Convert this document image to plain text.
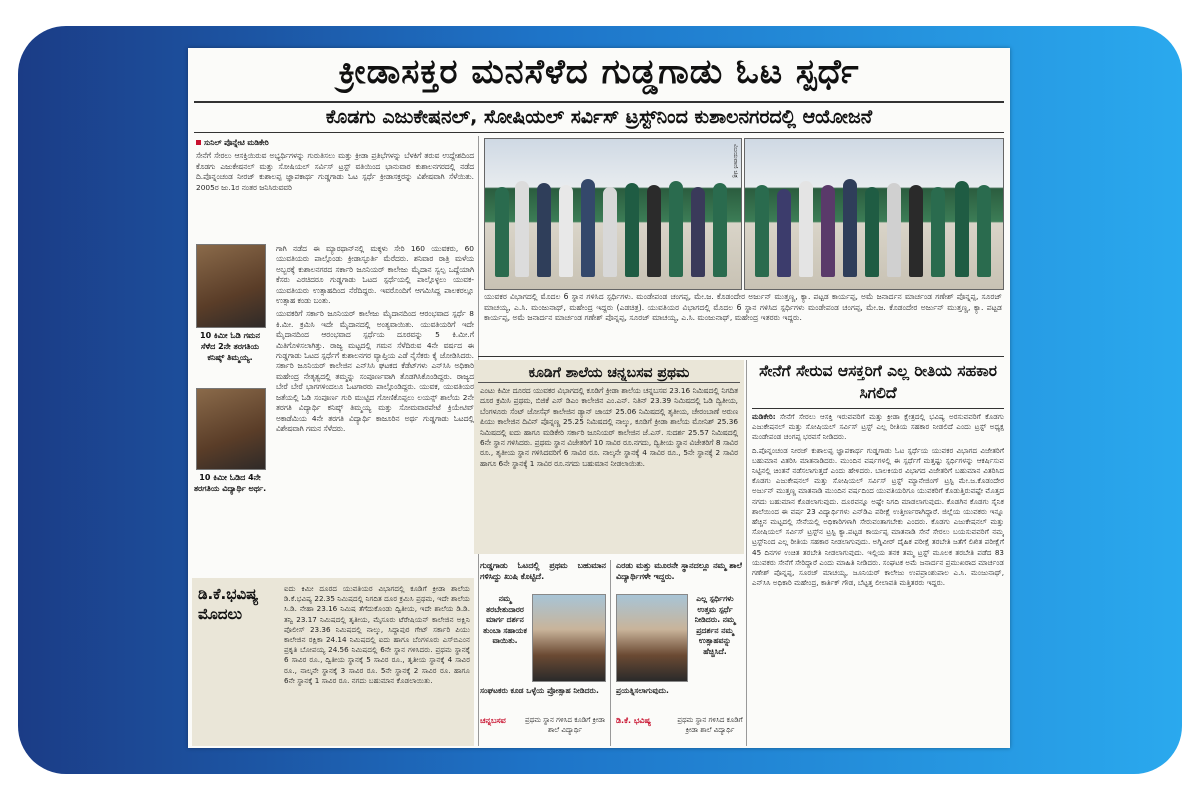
ಕ್ರೀಡಾಸಕ್ತರ ಮನಸೆಳೆದ ಗುಡ್ಡಗಾಡು ಓಟ ಸ್ಪರ್ಧೆ
ಕೊಡಗು ಎಜುಕೇಷನಲ್, ಸೋಷಿಯಲ್ ಸರ್ವಿಸ್ ಟ್ರಸ್ಟ್‌ನಿಂದ ಕುಶಾಲನಗರದಲ್ಲಿ ಆಯೋಜನೆ

ಸುನಿಲ್ ಪೊನ್ನೇಟಿ ಮಡಿಕೇರಿ

ಸೇನೆಗೆ ಸೇರಲು ಆಸಕ್ತಿಯಿರುವ ಅಭ್ಯರ್ಥಿಗಳನ್ನು ಗುರುತಿಸಲು ಮತ್ತು ಕ್ರೀಡಾ ಪ್ರತಿಭೆಗಳನ್ನು ಬೆಳಕಿಗೆ ತರುವ ಉದ್ದೇಶದಿಂದ ಕೊಡಗು ಎಜುಕೇಷನಲ್ ಮತ್ತು ಸೋಷಿಯಲ್ ಸರ್ವಿಸ್ ಟ್ರಸ್ಟ್ ವತಿಯಿಂದ ಭಾನುವಾರ ಕುಶಾಲನಗರದಲ್ಲಿ ನಡೆದ ದಿ.ಪೊನ್ನಂಚಂಡ ನೀರಜ್ ಕುಶಾಲಪ್ಪ ಜ್ಞಾಪಕಾರ್ಥ ಗುಡ್ಡಗಾಡು ಓಟ ಸ್ಪರ್ಧೆ ಕ್ರೀಡಾಸಕ್ತರನ್ನು ವಿಶೇಷವಾಗಿ ಸೆಳೆಯಿತು. 2005ರ ಜು.1ರ ನಂತರ ಜನಿಸಿರುವವರಿ

10 ಕಿಮೀ ಓಡಿ ಗಮನ ಸೆಳೆದ 2ನೇ ತರಗತಿಯ ಕನಿಷ್ಕ್ ತಿಮ್ಮಯ್ಯ.
10 ಕಿಮೀ ಓಡಿದ 4ನೇ ತರಗತಿಯ ವಿದ್ಯಾರ್ಥಿ ಅರ್ಥ.

ಗಾಗಿ ನಡೆದ ಈ ಮ್ಯಾರಥಾನ್‌ನಲ್ಲಿ ಮಕ್ಕಳು ಸೇರಿ 160 ಯುವಕರು, 60 ಯುವತಿಯರು ಪಾಲ್ಗೊಂಡು ಕ್ರೀಡಾಸ್ಫೂರ್ತಿ ಮೆರೆದರು. ಶನಿವಾರ ರಾತ್ರಿ ಮಳೆಯ ಅಬ್ಬರಕ್ಕೆ ಕುಶಾಲನಗರದ ಸರ್ಕಾರಿ ಜೂನಿಯರ್ ಕಾಲೇಜು ಮೈದಾನ ಸ್ವಲ್ಪ ಒದ್ದೆಯಾಗಿ ಕೆಸರು ಎರಚಿದರೂ ಗುಡ್ಡಗಾಡು ಓಟದ ಸ್ಪರ್ಧೆಯಲ್ಲಿ ಪಾಲ್ಗೊಳ್ಳಲು ಯುವಕ-ಯುವತಿಯರು ಉತ್ಸಾಹದಿಂದ ನೆರೆದಿದ್ದರು. ಇವರೊಂದಿಗೆ ಆಗಮಿಸಿದ್ದ ಪಾಲಕರಲ್ಲೂ ಉತ್ಸಾಹ ಕಂಡು ಬಂತು.

ಯುವಕರಿಗೆ ಸರ್ಕಾರಿ ಜೂನಿಯರ್ ಕಾಲೇಜು ಮೈದಾನದಿಂದ ಆರಂಭವಾದ ಸ್ಪರ್ಧೆ 8 ಕಿ.ಮೀ. ಕ್ರಮಿಸಿ ಇದೇ ಮೈದಾನದಲ್ಲಿ ಅಂತ್ಯವಾಯಿತು. ಯುವತಿಯರಿಗೆ ಇದೇ ಮೈದಾನದಿಂದ ಆರಂಭವಾದ ಸ್ಪರ್ಧೆಯ ದೂರವನ್ನು 5 ಕಿ.ಮೀ.ಗೆ ಮಿತಿಗೊಳಿಸಲಾಗಿತ್ತು. ರಾಜ್ಯ ಮಟ್ಟದಲ್ಲಿ ಗಮನ ಸೆಳೆದಿರುವ 4ನೇ ವರ್ಷದ ಈ ಗುಡ್ಡಗಾಡು ಓಟದ ಸ್ಪರ್ಧೆಗೆ ಕುಶಾಲನಗರ ವ್ಯಾಪ್ತಿಯ ಎಡೆ ನೈಸೆಕರು ಕೈ ಜೋಡಿಸಿದರು. ಸರ್ಕಾರಿ ಜೂನಿಯರ್ ಕಾಲೇಜಿನ ಎನ್‌ಸಿಸಿ ಘಟಕದ ಕೆಡೆಟ್‌ಗಳು ಎನ್‌ಸಿಸಿ ಅಧಿಕಾರಿ ಮಹೇಂದ್ರ ನೇತೃತ್ವದಲ್ಲಿ ತಮ್ಮನ್ನು ಸಂಪೂರ್ಣವಾಗಿ ತೊಡಗಿಸಿಕೊಂಡಿದ್ದರು. ರಾಜ್ಯದ ಬೇರೆ ಬೇರೆ ಭಾಗಗಳಿಂದಲೂ ಓಟಗಾರರು ಪಾಲ್ಗೊಂಡಿದ್ದರು. ಯುವಕ, ಯುವತಿಯರ ಜತೆಯಲ್ಲಿ ಓಡಿ ಸಂಪೂರ್ಣ ಗುರಿ ಮುಟ್ಟಿದ ಗೋಣಿಕೊಪ್ಪಲು ಲಯನ್ಸ್ ಶಾಲೆಯ 2ನೇ ತರಗತಿ ವಿದ್ಯಾರ್ಥಿ ಕನಿಷ್ಕ್ ತಿಮ್ಮಯ್ಯ ಮತ್ತು ಸೋಮವಾರಪೇಟೆ ಕ್ರಿಯೇಟಿವ್ ಅಕಾಡೆಮಿಯ 4ನೇ ತರಗತಿ ವಿದ್ಯಾರ್ಥಿ ಕಾಜೂರಿನ ಅರ್ಥ ಗುಡ್ಡಗಾಡು ಓಟದಲ್ಲಿ ವಿಶೇಷವಾಗಿ ಗಮನ ಸೆಳೆದರು.

ಡಿ.ಕೆ.ಭವಿಷ್ಯ ಮೊದಲು
ಐದು ಕಿಮೀ ದೂರದ ಯುವತಿಯರ ವಿಭಾಗದಲ್ಲಿ ಕೂಡಿಗೆ ಕ್ರೀಡಾ ಶಾಲೆಯ ಡಿ.ಕೆ.ಭವಿಷ್ಯ 22.35 ನಿಮಿಷದಲ್ಲಿ ನಿಗದಿತ ದೂರ ಕ್ರಮಿಸಿ ಪ್ರಥಮ, ಇದೇ ಶಾಲೆಯ ಸಿ.ಡಿ. ನೇಹಾ 23.16 ನಿಮಿಷ ತೆಗೆದುಕೊಂಡು ದ್ವಿತೀಯ, ಇದೇ ಶಾಲೆಯ ಡಿ.ಡಿ. ತನ್ವಿ 23.17 ನಿಮಿಷದಲ್ಲಿ ತೃತೀಯ, ಮೈಸೂರು ಟೆರೇಷಿಯನ್ ಕಾಲೇಜಿನ ಅಕ್ಷಿನಿ ಪೊಲೀಸ್ 23.36 ನಿಮಿಷದಲ್ಲಿ ನಾಲ್ಕು, ಸಿದ್ದಾಪುರ ಗೇಟ್ ಸರ್ಕಾರಿ ಪಿಯು ಕಾಲೇಜಿನ ರಕ್ಷಿಕಾ 24.14 ನಿಮಿಷದಲ್ಲಿ ಐದು ಹಾಗೂ ಬೆಂಗಳೂರು ಎಸ್‌ಬಿಎಂನ ಪ್ರಕೃತಿ ಬೋಪಯ್ಯ 24.56 ನಿಮಿಷದಲ್ಲಿ 6ನೇ ಸ್ಥಾನ ಗಳಿಸಿದರು. ಪ್ರಥಮ ಸ್ಥಾನಕ್ಕೆ 6 ಸಾವಿರ ರೂ., ದ್ವಿತೀಯ ಸ್ಥಾನಕ್ಕೆ 5 ಸಾವಿರ ರೂ., ತೃತೀಯ ಸ್ಥಾನಕ್ಕೆ 4 ಸಾವಿರ ರೂ., ನಾಲ್ಕನೇ ಸ್ಥಾನಕ್ಕೆ 3 ಸಾವಿರ ರೂ. 5ನೇ ಸ್ಥಾನಕ್ಕೆ 2 ಸಾವಿರ ರೂ. ಹಾಗೂ 6ನೇ ಸ್ಥಾನಕ್ಕೆ 1 ಸಾವಿರ ರೂ. ನಗದು ಬಹುಮಾನ ಕೊಡಲಾಯಿತು.
ವಿಜಯವಾಣಿ ಚಿತ್ರ
ಯುವಕರ ವಿಭಾಗದಲ್ಲಿ ಮೊದಲ 6 ಸ್ಥಾನ ಗಳಿಸಿದ ಸ್ಪರ್ಧಿಗಳು. ಮಂಡೇಪಂಡ ಚಂಗಪ್ಪ, ಮೇ.ಜ. ಕೊಡಂದೇರ ಅರ್ಜುನ್ ಮುತ್ತಣ್ಣ, ಕ್ಯಾ. ಪಟ್ಟಡ ಕಾರ್ಯಪ್ಪ, ಅಮೆ ಜನಾರ್ದನ ಮಾರ್ಚಂಡ ಗಣೇಶ್ ಪೊನ್ನಪ್ಪ, ಸೂರಜ್ ಮಾಚಯ್ಯ, ಎ.ಸಿ. ಮಂಜುನಾಥ್, ಮಹೇಂದ್ರ ಇದ್ದರು (ಎಡಚಿತ್ರ). ಯುವತಿಯರ ವಿಭಾಗದಲ್ಲಿ ಮೊದಲ 6 ಸ್ಥಾನ ಗಳಿಸಿದ ಸ್ಪರ್ಧಿಗಳು ಮಂಡೇಪಂಡ ಚಂಗಪ್ಪ, ಮೇ.ಜ. ಕೊಡಂದೇರ ಅರ್ಜುನ್ ಮುತ್ತಣ್ಣ, ಕ್ಯಾ. ಪಟ್ಟಡ ಕಾರ್ಯಪ್ಪ, ಅಮೆ ಜನಾರ್ದನ ಮಾರ್ಚಂಡ ಗಣೇಶ್ ಪೊನ್ನಪ್ಪ, ಸೂರಜ್ ಮಾಚಯ್ಯ, ಎ.ಸಿ. ಮಂಜುನಾಥ್, ಮಹೇಂದ್ರ ಇತರರು ಇದ್ದರು.
ಕೂಡಿಗೆ ಶಾಲೆಯ ಚನ್ನಬಸವ ಪ್ರಥಮ
ಎಂಟು ಕಿಮೀ ದೂರದ ಯುವಕರ ವಿಭಾಗದಲ್ಲಿ ಕೂಡಿಗೆ ಕ್ರೀಡಾ ಶಾಲೆಯ ಚನ್ನಬಸವ 23.16 ನಿಮಿಷದಲ್ಲಿ ನಿಗದಿತ ದೂರ ಕ್ರಮಿಸಿ ಪ್ರಥಮ, ಬಿಜಿಕೆ ಎಸ್ ಡಿಎಂ ಕಾಲೇಜಿನ ಎಂ.ಎನ್. ನಿತಿನ್ 23.39 ನಿಮಿಷದಲ್ಲಿ ಓಡಿ ದ್ವಿತೀಯ, ಬೆಂಗಳೂರು ಸೆಂಟ್ ಜೋಸೆಫ್ ಕಾಲೇಜಿನ ಡ್ಯಾನ್ ಜಾಯ್ 25.06 ನಿಮಿಷದಲ್ಲಿ ತೃತೀಯ, ಚೇರಂಬಾಣೆ ಅರುಣ ಪಿಯು ಕಾಲೇಜಿನ ದಿವಿನ್ ಪೊನ್ನಣ್ಣ 25.25 ನಿಮಿಷದಲ್ಲಿ ನಾಲ್ಕು, ಕೂಡಿಗೆ ಕ್ರೀಡಾ ಶಾಲೆಯ ಮೋನಿಶ್ 25.36 ನಿಮಿಷದಲ್ಲಿ ಐದು ಹಾಗೂ ಮಡಿಕೇರಿ ಸರ್ಕಾರಿ ಜೂನಿಯರ್ ಕಾಲೇಜಿನ ಜೆ.ಎಸ್. ಸುದರ್ಶ 25.57 ನಿಮಿಷದಲ್ಲಿ 6ನೇ ಸ್ಥಾನ ಗಳಿಸಿದರು. ಪ್ರಥಮ ಸ್ಥಾನ ವಿಜೇತರಿಗೆ 10 ಸಾವಿರ ರೂ.ನಗದು, ದ್ವಿತೀಯ ಸ್ಥಾನ ವಿಜೇತರಿಗೆ 8 ಸಾವಿರ ರೂ., ತೃತೀಯ ಸ್ಥಾನ ಗಳಿಸಿದವರಿಗೆ 6 ಸಾವಿರ ರೂ. ನಾಲ್ಕನೇ ಸ್ಥಾನಕ್ಕೆ 4 ಸಾವಿರ ರೂ., 5ನೇ ಸ್ಥಾನಕ್ಕೆ 2 ಸಾವಿರ ಹಾಗೂ 6ನೇ ಸ್ಥಾನಕ್ಕೆ 1 ಸಾವಿರ ರೂ.ನಗದು ಬಹುಮಾನ ನೀಡಲಾಯಿತು.
ಗುಡ್ಡಗಾಡು ಓಟದಲ್ಲಿ ಪ್ರಥಮ ಬಹುಮಾನ ಗಳಿಸಿದ್ದು ಖುಷಿ ಕೊಟ್ಟಿದೆ.
ನಮ್ಮ ತರಬೇತುದಾರರ ಮಾರ್ಗ ದರ್ಶನ ತುಂಬಾ ಸಹಾಯಕ ವಾಯಿತು.
ಸಂಘಟಕರು ಕೂಡ ಒಳ್ಳೆಯ ಪ್ರೋತ್ಸಾಹ ನೀಡಿದರು.
ಚನ್ನಬಸವ	ಪ್ರಥಮ ಸ್ಥಾನ ಗಳಿಸಿದ ಕೂಡಿಗೆ ಕ್ರೀಡಾ ಶಾಲೆ ವಿದ್ಯಾರ್ಥಿ
ಎರಡು ಮತ್ತು ಮೂರನೇ ಸ್ಥಾನದಲ್ಲೂ ನಮ್ಮ ಶಾಲೆ ವಿದ್ಯಾರ್ಥಿಗಳೇ ಇದ್ದರು.
ಎಲ್ಲ ಸ್ಪರ್ಧಿಗಳು ಉತ್ತಮ ಸ್ಪರ್ಧೆ ನೀಡಿದರು. ನಮ್ಮ ಪ್ರದರ್ಶನ ನಮ್ಮ ಉತ್ಸಾಹವನ್ನು ಹೆಚ್ಚಿಸಿದೆ.
ಪ್ರಯತ್ನಿಸಲಾಗುವುದು.
ಡಿ.ಕೆ. ಭವಿಷ್ಯ	ಪ್ರಥಮ ಸ್ಥಾನ ಗಳಿಸಿದ ಕೂಡಿಗೆ ಕ್ರೀಡಾ ಶಾಲೆ ವಿದ್ಯಾರ್ಥಿ
ಸೇನೆಗೆ ಸೇರುವ ಆಸಕ್ತರಿಗೆ ಎಲ್ಲ ರೀತಿಯ ಸಹಕಾರ ಸಿಗಲಿದೆ

ಮಡಿಕೇರಿ: ಸೇನೆಗೆ ಸೇರಲು ಆಸಕ್ತಿ ಇರುವವರಿಗೆ ಮತ್ತು ಕ್ರೀಡಾ ಕ್ಷೇತ್ರದಲ್ಲಿ ಭವಿಷ್ಯ ಅರಸುವವರಿಗೆ ಕೊಡಗು ಎಜುಕೇಷನಲ್ ಮತ್ತು ಸೋಷಿಯಲ್ ಸರ್ವಿಸ್ ಟ್ರಸ್ಟ್ ಎಲ್ಲ ರೀತಿಯ ಸಹಕಾರ ನೀಡಲಿದೆ ಎಂದು ಟ್ರಸ್ಟ್ ಅಧ್ಯಕ್ಷ ಮಂಡೇಪಂಡ ಚಂಗಪ್ಪ ಭರವಸೆ ನೀಡಿದರು.

ದಿ.ಪೊನ್ನಂಚಂಡ ನೀರಜ್ ಕುಶಾಲಪ್ಪ ಜ್ಞಾಪಕಾರ್ಥ ಗುಡ್ಡಗಾಡು ಓಟ ಸ್ಪರ್ಧೆಯ ಯುವಕರ ವಿಭಾಗದ ವಿಜೇತರಿಗೆ ಬಹುಮಾನ ವಿತರಿಸಿ ಮಾತನಾಡಿದರು. ಮುಂದಿನ ವರ್ಷಗಳಲ್ಲಿ ಈ ಸ್ಪರ್ಧೆಗೆ ಮತ್ತಷ್ಟು ಸ್ಪರ್ಧಿಗಳನ್ನು ಆಕರ್ಷಿಸುವ ನಿಟ್ಟಿನಲ್ಲಿ ಚಿಂತನೆ ನಡೆಸಲಾಗುತ್ತದೆ ಎಂದು ಹೇಳಿದರು. ಬಾಲಕಿಯರ ವಿಭಾಗದ ವಿಜೇತರಿಗೆ ಬಹುಮಾನ ವಿತರಿಸಿದ ಕೊಡಗು ಎಜುಕೇಷನಲ್ ಮತ್ತು ಸೋಷಿಯಲ್ ಸರ್ವಿಸ್ ಟ್ರಸ್ಟ್ ಮ್ಯಾನೇಜಿಂಗ್ ಟ್ರಸ್ಟಿ ಮೇ.ಜ.ಕೊಡಂದೇರ ಅರ್ಜುನ್ ಮುತ್ತಣ್ಣ ಮಾತನಾಡಿ ಮುಂದಿನ ವರ್ಷದಿಂದ ಯುವತಿಯರಿಗೂ ಯುವಕರಿಗೆ ಕೊಡುತ್ತಿರುವಷ್ಟೇ ಮೊತ್ತದ ನಗದು ಬಹುಮಾನ ಕೊಡಲಾಗುವುದು. ದೂರವನ್ನೂ ಅಷ್ಟೇ ನಿಗದಿ ಮಾಡಲಾಗುವುದು. ಕೊಡಗಿನ ಕೊಡಗು ಸೈನಿಕ ಶಾಲೆಯಿಂದ ಈ ವರ್ಷ 23 ವಿದ್ಯಾರ್ಥಿಗಳು ಎನ್‌ಡಿಎ ಪರೀಕ್ಷೆ ಉತ್ತೀರ್ಣರಾಗಿದ್ದಾರೆ. ಜಿಲ್ಲೆಯ ಯುವಕರು ಇನ್ನೂ ಹೆಚ್ಚಿನ ಮಟ್ಟದಲ್ಲಿ ಸೇನೆಯಲ್ಲಿ ಅಧಿಕಾರಿಗಳಾಗಿ ಸೇರುವಂತಾಗಬೇಕು ಎಂದರು. ಕೊಡಗು ಎಜುಕೇಷನಲ್ ಮತ್ತು ಸೋಷಿಯಲ್ ಸರ್ವಿಸ್ ಟ್ರಸ್ಟ್‌ನ ಟ್ರಸ್ಟಿ ಕ್ಯಾ.ಪಟ್ಟಡ ಕಾರ್ಯಪ್ಪ ಮಾತನಾಡಿ ಸೇನೆ ಸೇರಲು ಬಯಸುವವರಿಗೆ ನಮ್ಮ ಟ್ರಸ್ಟ್‌ನಿಂದ ಎಲ್ಲ ರೀತಿಯ ಸಹಕಾರ ನೀಡಲಾಗುವುದು. ಅಗ್ನಿವೀರ್ ದೈಹಿಕ ಪರೀಕ್ಷೆ ತರಬೇತಿ ಜತೆಗೆ ಲಿಖಿತ ಪರೀಕ್ಷೆಗೆ 45 ದಿನಗಳ ಉಚಿತ ತರಬೇತಿ ನೀಡಲಾಗುವುದು. ಇಲ್ಲಿಯ ತನಕ ತಮ್ಮ ಟ್ರಸ್ಟ್ ಮೂಲಕ ತರಬೇತಿ ಪಡೆದ 83 ಯುವಕರು ಸೇನೆಗೆ ಸೇರಿದ್ದಾರೆ ಎಂದು ಮಾಹಿತಿ ನೀಡಿದರು. ಸಂಘಟಕ ಅಮೆ ಜನಾರ್ದನ ಪ್ರಮುಖರಾದ ಮಾರ್ಚಂಡ ಗಣೇಶ್ ಪೊನ್ನಪ್ಪ, ಸೂರಜ್ ಮಾಚಯ್ಯ, ಜೂನಿಯರ್ ಕಾಲೇಜು ಉಪಪ್ರಾಂಶುಪಾಲ ಎ.ಸಿ. ಮಂಜುನಾಥ್, ಎನ್‌ಸಿಸಿ ಅಧಿಕಾರಿ ಮಹೇಂದ್ರ, ಕಾರ್ತಿಕ್ ಗೌಡ, ಬೆಟ್ಟತ್ತ ಲೀಲಾವತಿ ಮತ್ತಿತರರು ಇದ್ದರು.
